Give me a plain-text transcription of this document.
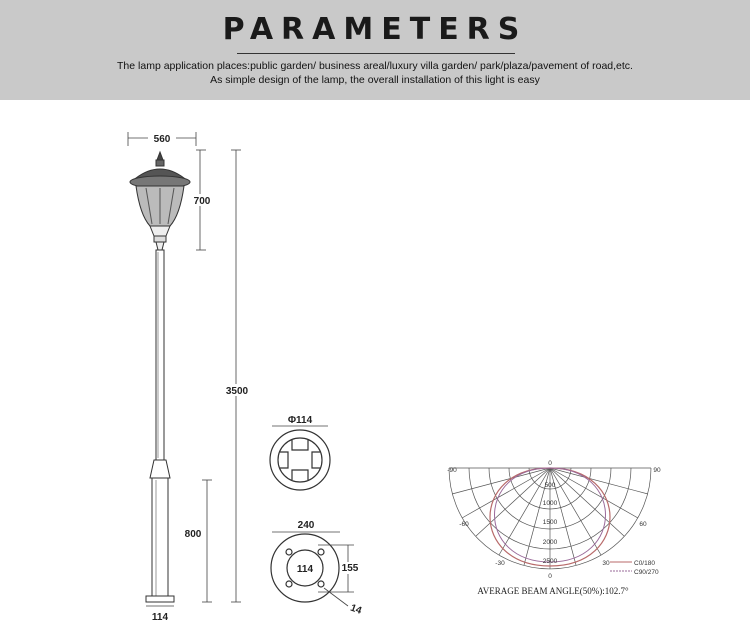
PARAMETERS
The lamp application places:public garden/ business areal/luxury villa garden/ park/plaza/pavement of road,etc.
As simple design of the lamp, the overall installation of this light is easy
560
700
3500
800
114
Φ114
240
114	155
14
-90	90
-60	60
-30	30
0
0
500
1000
1500
2000
2500	C0/180
C90/270
AVERAGE BEAM ANGLE(50%):102.7°
